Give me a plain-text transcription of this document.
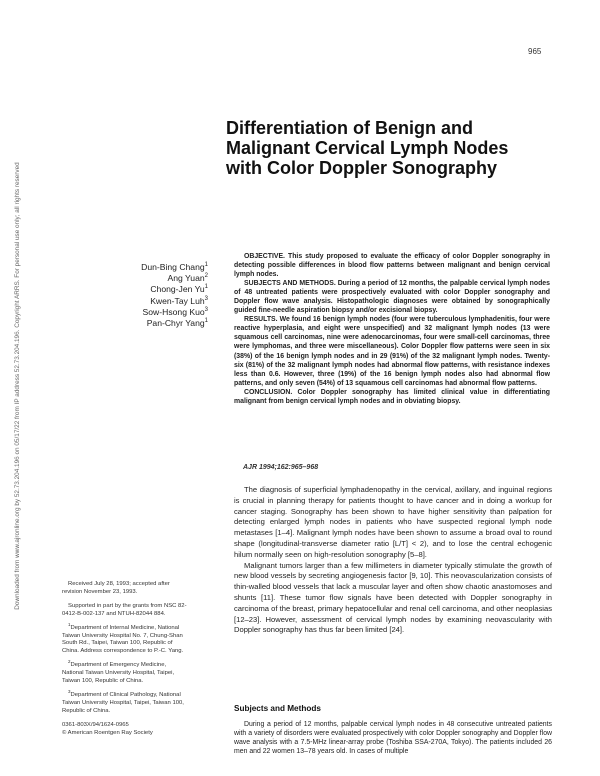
Downloaded from www.ajronline.org by 52.73.204.196 on 05/17/22 from IP address 52.73.204.196. Copyright ARRS. For personal use only; all rights reserved
965
Differentiation of Benign and Malignant Cervical Lymph Nodes with Color Doppler Sonography
Dun-Bing Chang$^1$
Ang Yuan$^2$
Chong-Jen Yu$^1$
Kwen-Tay Luh$^3$
Sow-Hsong Kuo$^3$
Pan-Chyr Yang$^1$

OBJECTIVE. This study proposed to evaluate the efficacy of color Doppler sonography in detecting possible differences in blood flow patterns between malignant and benign cervical lymph nodes.

SUBJECTS AND METHODS. During a period of 12 months, the palpable cervical lymph nodes of 48 untreated patients were prospectively evaluated with color Doppler sonography and Doppler flow wave analysis. Histopathologic diagnoses were obtained by sonographically guided fine-needle aspiration biopsy and/or excisional biopsy.

RESULTS. We found 16 benign lymph nodes (four were tuberculous lymphadenitis, four were reactive hyperplasia, and eight were unspecified) and 32 malignant lymph nodes (13 were squamous cell carcinomas, nine were adenocarcinomas, four were small-cell carcinomas, three were lymphomas, and three were miscellaneous). Color Doppler flow patterns were seen in six (38%) of the 16 benign lymph nodes and in 29 (91%) of the 32 malignant lymph nodes. Twenty-six (81%) of the 32 malignant lymph nodes had abnormal flow patterns, with resistance indexes less than 0.6. However, three (19%) of the 16 benign lymph nodes also had abnormal flow patterns, and only seven (54%) of 13 squamous cell carcinomas had abnormal flow patterns.

CONCLUSION. Color Doppler sonography has limited clinical value in differentiating malignant from benign cervical lymph nodes and in obviating biopsy.

AJR 1994;162:965–968

The diagnosis of superficial lymphadenopathy in the cervical, axillary, and inguinal regions is crucial in planning therapy for patients thought to have cancer and in doing a workup for cancer staging. Sonography has been shown to have higher sensitivity than palpation for detecting enlarged lymph nodes in patients who have suspected regional lymph node metastases [1–4]. Malignant lymph nodes have been shown to assume a broad oval to round shape (longitudinal-transverse diameter ratio [L/T] < 2), and to lose the central echogenic hilum normally seen on high-resolution sonography [5–8].

Malignant tumors larger than a few millimeters in diameter typically stimulate the growth of new blood vessels by secreting angiogenesis factor [9, 10]. This neovascularization consists of thin-walled blood vessels that lack a muscular layer and often show chaotic anastomoses and shunts [11]. These tumor flow signals have been detected with Doppler sonography in carcinoma of the breast, primary hepatocellular and renal cell carcinoma, and other neoplasias [12–23]. However, assessment of cervical lymph nodes by examining neovascularity with Doppler sonography has thus far been limited [24].

Subjects and Methods

During a period of 12 months, palpable cervical lymph nodes in 48 consecutive untreated patients with a variety of disorders were evaluated prospectively with color Doppler sonography and Doppler flow wave analysis with a 7.5-MHz linear-array probe (Toshiba SSA-270A, Tokyo). The patients included 26 men and 22 women 13–78 years old. In cases of multiple

Received July 28, 1993; accepted after revision November 23, 1993.

Supported in part by the grants from NSC 82-0412-B-002-137 and NTUH-82044 884.

$^1$Department of Internal Medicine, National Taiwan University Hospital No. 7, Chung-Shan South Rd., Taipei, Taiwan 100, Republic of China. Address correspondence to P.-C. Yang.

$^2$Department of Emergency Medicine, National Taiwan University Hospital, Taipei, Taiwan 100, Republic of China.

$^3$Department of Clinical Pathology, National Taiwan University Hospital, Taipei, Taiwan 100, Republic of China.

0361-803X/94/1624-0965

© American Roentgen Ray Society
